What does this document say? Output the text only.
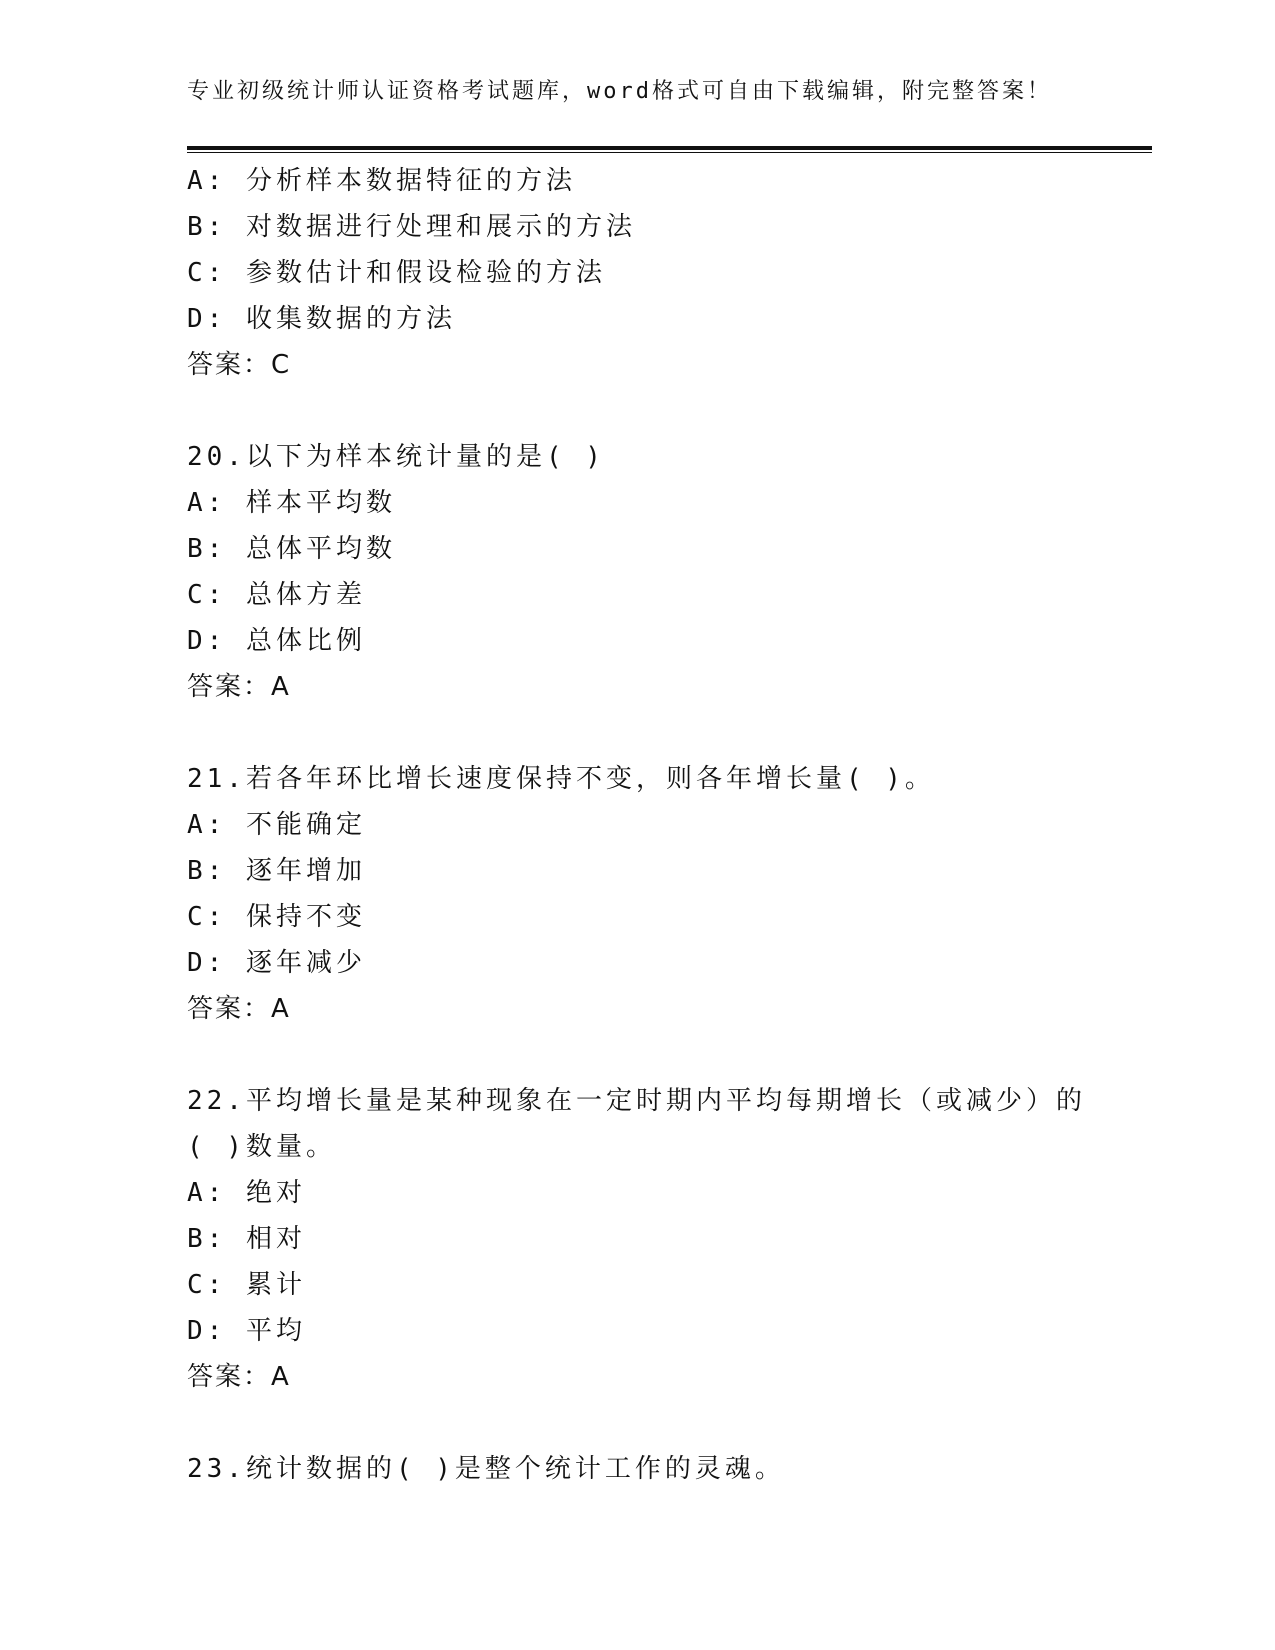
专业初级统计师认证资格考试题库，word格式可自由下载编辑，附完整答案！
A: 分析样本数据特征的方法
B: 对数据进行处理和展示的方法
C: 参数估计和假设检验的方法
D: 收集数据的方法
答案：C
20.以下为样本统计量的是( )
A: 样本平均数
B: 总体平均数
C: 总体方差
D: 总体比例
答案：A
21.若各年环比增长速度保持不变，则各年增长量( )。
A: 不能确定
B: 逐年增加
C: 保持不变
D: 逐年减少
答案：A
22.平均增长量是某种现象在一定时期内平均每期增长（或减少）的
( )数量。
A: 绝对
B: 相对
C: 累计
D: 平均
答案：A
23.统计数据的( )是整个统计工作的灵魂。
